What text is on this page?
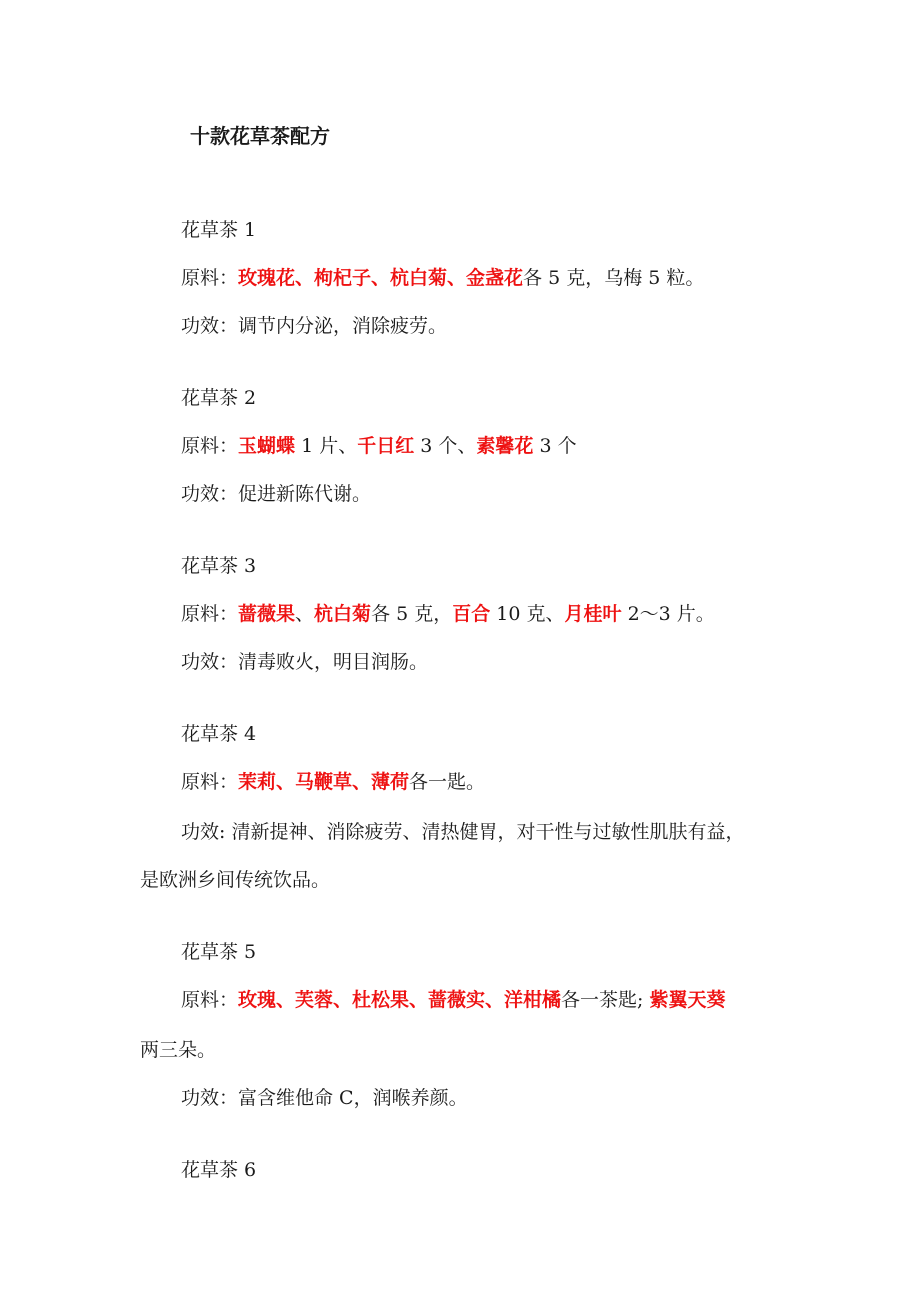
十款花草茶配方
花草茶 1
原料：玫瑰花、枸杞子、杭白菊、金盏花各 5 克，乌梅 5 粒。
功效：调节内分泌，消除疲劳。
花草茶 2
原料：玉蝴蝶 1 片、千日红 3 个、素馨花 3 个
功效：促进新陈代谢。
花草茶 3
原料：蔷薇果、杭白菊各 5 克，百合 10 克、月桂叶 2～3 片。
功效：清毒败火，明目润肠。
花草茶 4
原料：茉莉、马鞭草、薄荷各一匙。
功效: 清新提神、消除疲劳、清热健胃，对干性与过敏性肌肤有益，
是欧洲乡间传统饮品。
花草茶 5
原料：玫瑰、芙蓉、杜松果、蔷薇实、洋柑橘各一茶匙; 紫翼天葵
两三朵。
功效：富含维他命 C，润喉养颜。
花草茶 6
